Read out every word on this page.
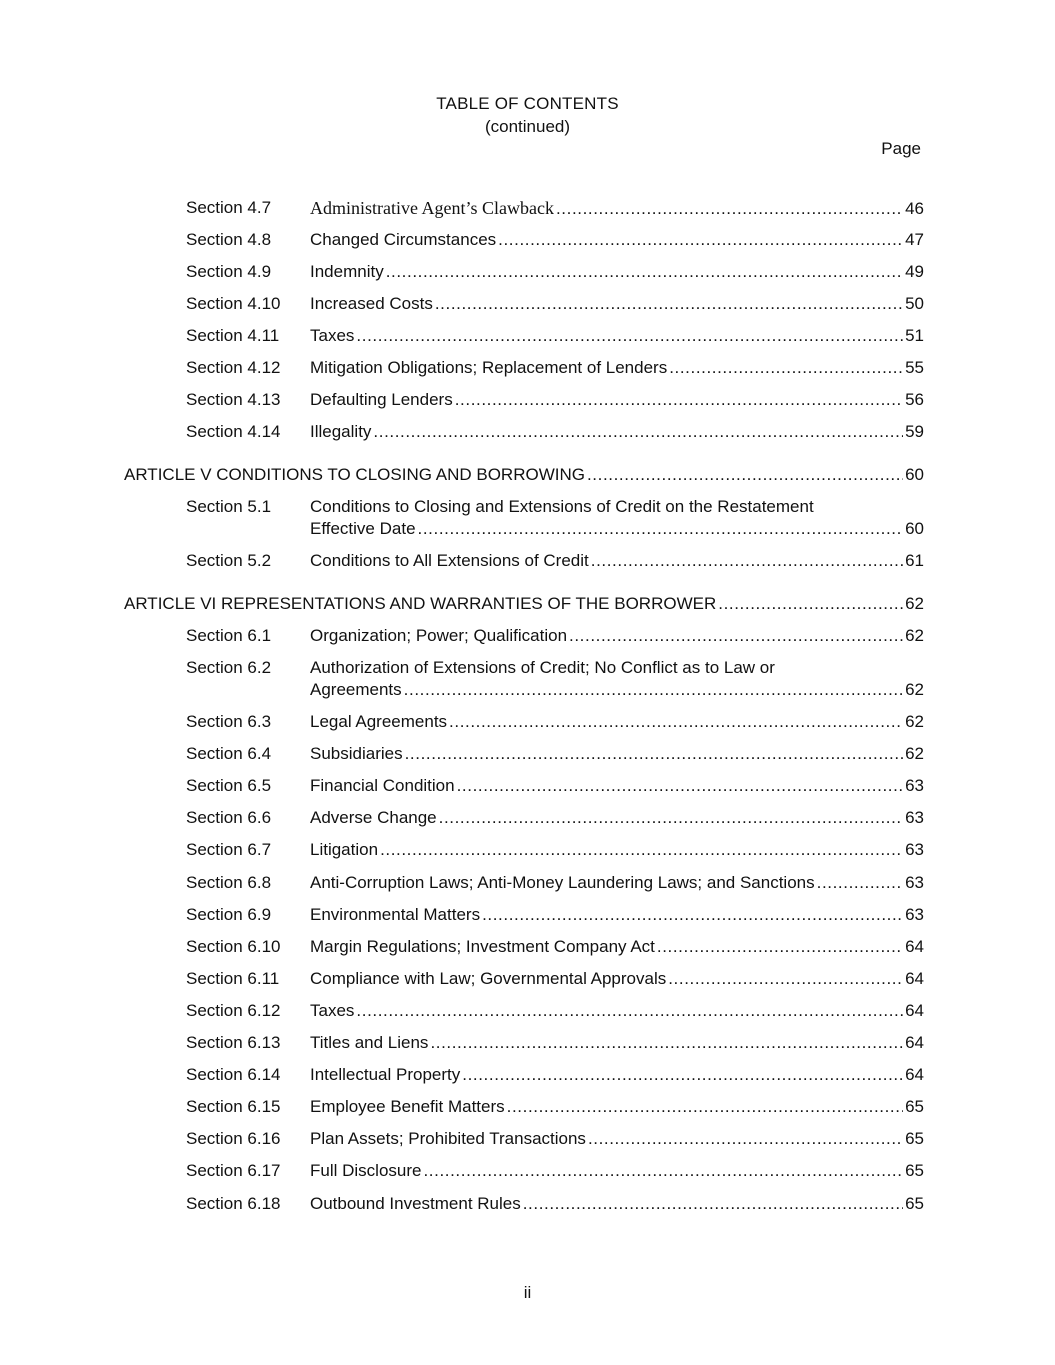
TABLE OF CONTENTS
(continued)
Page
Section 4.7 Administrative Agent’s Clawback .....	46
Section 4.8 Changed Circumstances .....	47
Section 4.9 Indemnity .....	49
Section 4.10 Increased Costs .....	50
Section 4.11 Taxes .....	51
Section 4.12 Mitigation Obligations; Replacement of Lenders .....	55
Section 4.13 Defaulting Lenders .....	56
Section 4.14 Illegality .....	59
ARTICLE V CONDITIONS TO CLOSING AND BORROWING .....	60
Section 5.1 Conditions to Closing and Extensions of Credit on the Restatement
Effective Date .....	60
Section 5.2 Conditions to All Extensions of Credit .....	61
ARTICLE VI REPRESENTATIONS AND WARRANTIES OF THE BORROWER .....	62
Section 6.1 Organization; Power; Qualification .....	62
Section 6.2 Authorization of Extensions of Credit; No Conflict as to Law or
Agreements .....	62
Section 6.3 Legal Agreements .....	62
Section 6.4 Subsidiaries .....	62
Section 6.5 Financial Condition .....	63
Section 6.6 Adverse Change .....	63
Section 6.7 Litigation .....	63
Section 6.8 Anti-Corruption Laws; Anti-Money Laundering Laws; and Sanctions .....	63
Section 6.9 Environmental Matters .....	63
Section 6.10 Margin Regulations; Investment Company Act .....	64
Section 6.11 Compliance with Law; Governmental Approvals .....	64
Section 6.12 Taxes .....	64
Section 6.13 Titles and Liens .....	64
Section 6.14 Intellectual Property .....	64
Section 6.15 Employee Benefit Matters .....	65
Section 6.16 Plan Assets; Prohibited Transactions .....	65
Section 6.17 Full Disclosure .....	65
Section 6.18 Outbound Investment Rules .....	65
ii
